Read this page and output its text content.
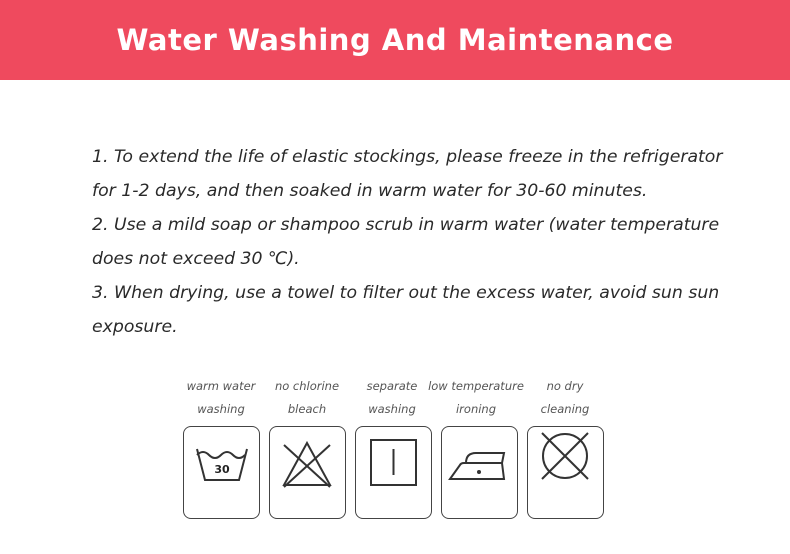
Water Washing And Maintenance

1. To extend the life of elastic stockings, please freeze in the refrigerator

for 1-2 days, and then soaked in warm water for 30-60 minutes.

2. Use a mild soap or shampoo scrub in warm water (water temperature

does not exceed 30 ℃).

3. When drying, use a towel to filter out the excess water, avoid sun sun

exposure.

warm water
washing
no chlorine
bleach
separate
washing
low temperature
ironing
no dry
cleaning
30
